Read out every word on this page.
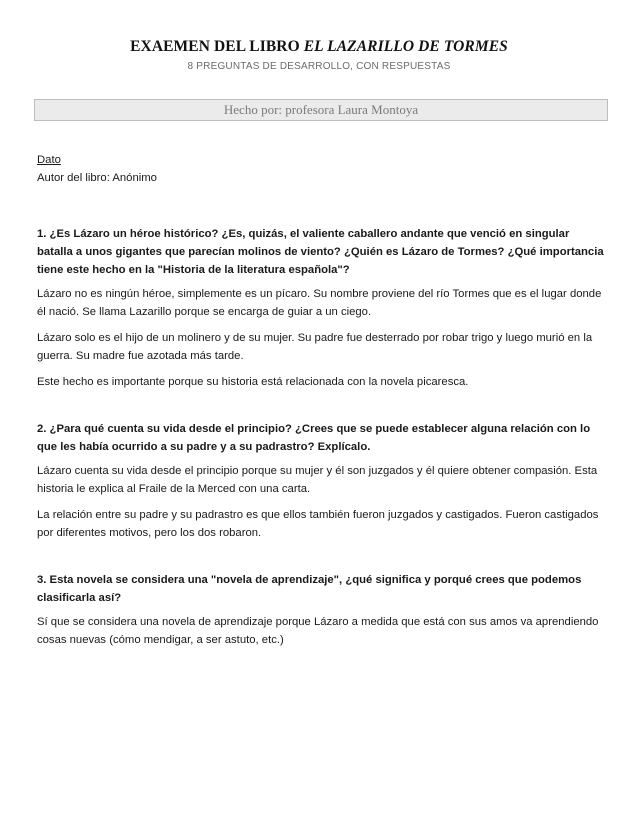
EXAEMEN DEL LIBRO EL LAZARILLO DE TORMES
8 PREGUNTAS DE DESARROLLO, CON RESPUESTAS
Hecho por: profesora Laura Montoya

Dato

Autor del libro: Anónimo

1. ¿Es Lázaro un héroe histórico? ¿Es, quizás, el valiente caballero andante que venció en singular batalla a unos gigantes que parecían molinos de viento? ¿Quién es Lázaro de Tormes? ¿Qué importancia tiene este hecho en la "Historia de la literatura española"?

Lázaro no es ningún héroe, simplemente es un pícaro. Su nombre proviene del río Tormes que es el lugar donde él nació. Se llama Lazarillo porque se encarga de guiar a un ciego.

Lázaro solo es el hijo de un molinero y de su mujer. Su padre fue desterrado por robar trigo y luego murió en la guerra. Su madre fue azotada más tarde.

Este hecho es importante porque su historia está relacionada con la novela picaresca.

2. ¿Para qué cuenta su vida desde el principio? ¿Crees que se puede establecer alguna relación con lo que les había ocurrido a su padre y a su padrastro? Explícalo.

Lázaro cuenta su vida desde el principio porque su mujer y él son juzgados y él quiere obtener compasión. Esta historia le explica al Fraile de la Merced con una carta.

La relación entre su padre y su padrastro es que ellos también fueron juzgados y castigados. Fueron castigados por diferentes motivos, pero los dos robaron.

3. Esta novela se considera una "novela de aprendizaje", ¿qué significa y porqué crees que podemos clasificarla así?

Sí que se considera una novela de aprendizaje porque Lázaro a medida que está con sus amos va aprendiendo cosas nuevas (cómo mendigar, a ser astuto, etc.)
